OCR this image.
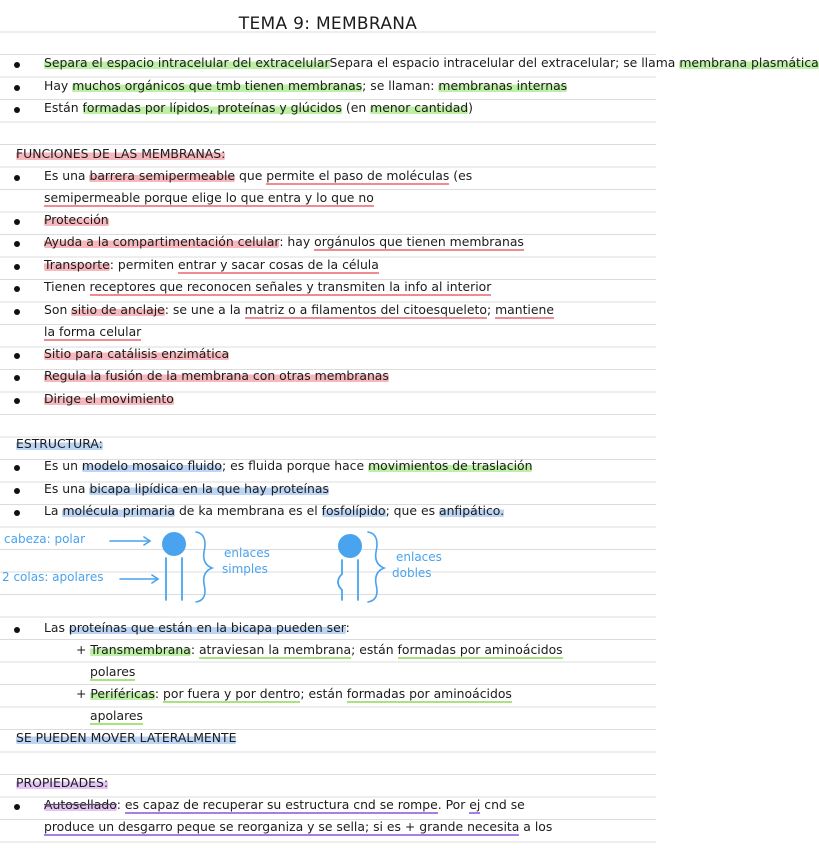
TEMA 9: MEMBRANA
Separa el espacio intracelular del extracelularSepara el espacio intracelular del extracelular; se llama membrana plasmática
Hay muchos orgánicos que tmb tienen membranas; se llaman: membranas internas
Están formadas por lípidos, proteínas y glúcidos (en menor cantidad)
FUNCIONES DE LAS MEMBRANAS:
Es una barrera semipermeable que permite el paso de moléculas (es
semipermeable porque elige lo que entra y lo que no
Protección
Ayuda a la compartimentación celular: hay orgánulos que tienen membranas
Transporte: permiten entrar y sacar cosas de la célula
Tienen receptores que reconocen señales y transmiten la info al interior
Son sitio de anclaje: se une a la matriz o a filamentos del citoesqueleto; mantiene
la forma celular
Sitio para catálisis enzimática
Regula la fusión de la membrana con otras membranas
Dirige el movimiento
ESTRUCTURA:
Es un modelo mosaico fluido; es fluida porque hace movimientos de traslación
Es una bicapa lipídica en la que hay proteínas
La molécula primaria de ka membrana es el fosfolípido; que es anfipático.
cabeza: polar
2 colas: apolares
enlaces
simples
enlaces
dobles
Las proteínas que están en la bicapa pueden ser:
+ Transmembrana: atraviesan la membrana; están formadas por aminoácidos
polares
+ Periféricas: por fuera y por dentro; están formadas por aminoácidos
apolares
SE PUEDEN MOVER LATERALMENTE
PROPIEDADES:
Autosellado: es capaz de recuperar su estructura cnd se rompe. Por ej cnd se
produce un desgarro peque se reorganiza y se sella; si es + grande necesita a los
